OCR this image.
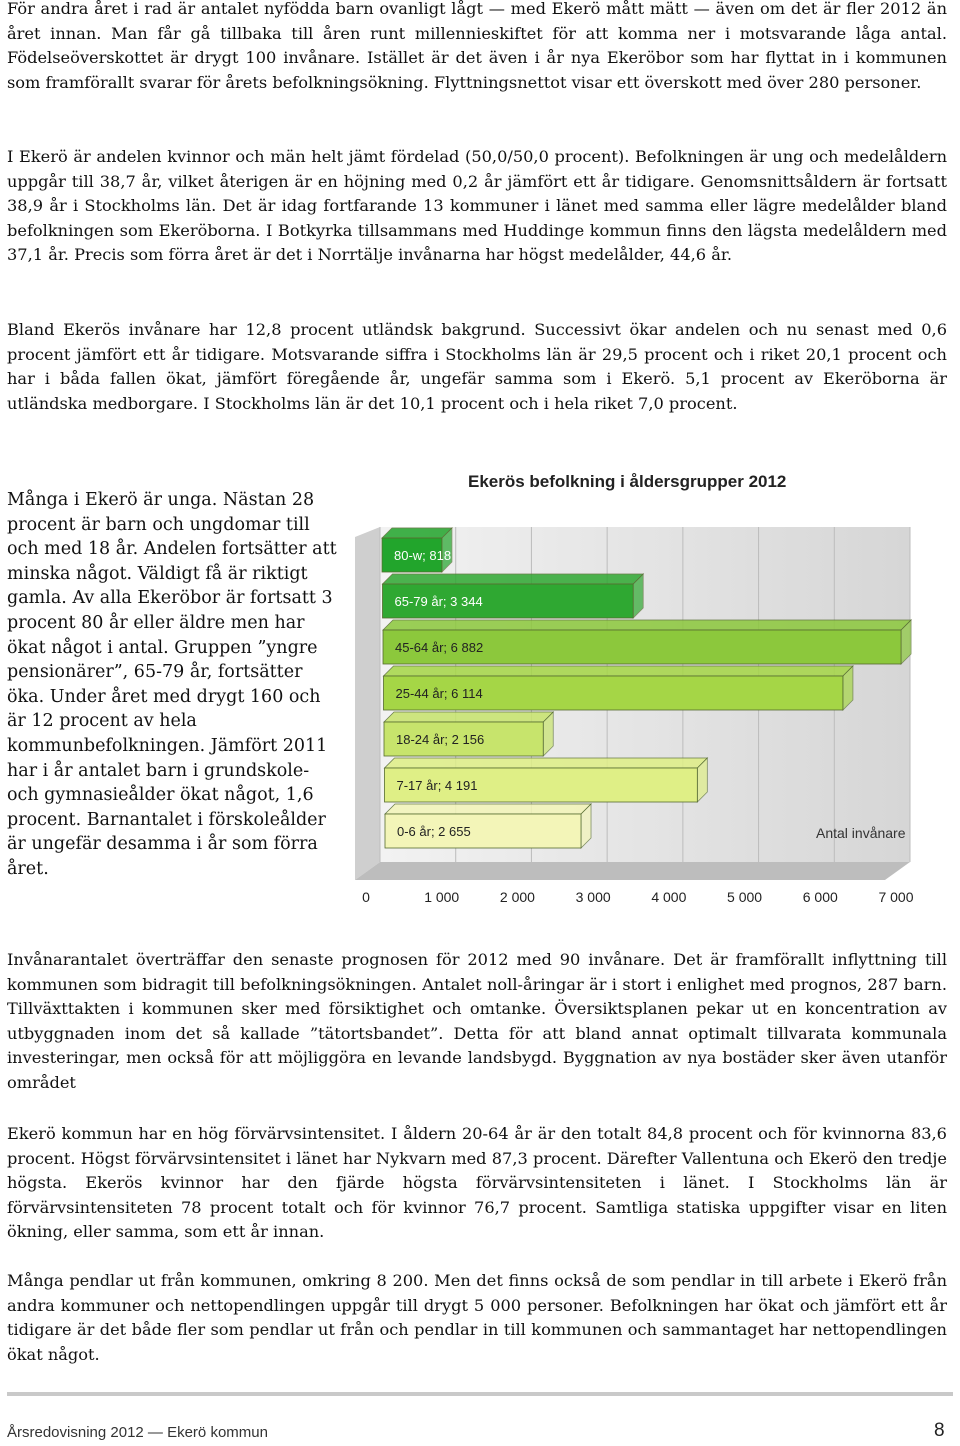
För andra året i rad är antalet nyfödda barn ovanligt lågt — med Ekerö mått mätt — även om det är fler 2012 än året innan. Man får gå tillbaka till åren runt millennieskiftet för att komma ner i motsvarande låga antal. Födelseöverskottet är drygt 100 invånare. Istället är det även i år nya Ekeröbor som har flyttat in i kommunen som framförallt svarar för årets befolkningsökning. Flyttningsnettot visar ett överskott med över 280 personer.

I Ekerö är andelen kvinnor och män helt jämt fördelad (50,0/50,0 procent). Befolkningen är ung och medelåldern uppgår till 38,7 år, vilket återigen är en höjning med 0,2 år jämfört ett år tidigare. Genomsnittsåldern är fortsatt 38,9 år i Stockholms län. Det är idag fortfarande 13 kommuner i länet med samma eller lägre medelålder bland befolkningen som Ekeröborna. I Botkyrka tillsammans med Huddinge kommun finns den lägsta medelåldern med 37,1 år. Precis som förra året är det i Norrtälje invånarna har högst medelålder, 44,6 år.

Bland Ekerös invånare har 12,8 procent utländsk bakgrund. Successivt ökar andelen och nu senast med 0,6 procent jämfört ett år tidigare. Motsvarande siffra i Stockholms län är 29,5 procent och i riket 20,1 procent och har i båda fallen ökat, jämfört föregående år, ungefär samma som i Ekerö. 5,1 procent av Ekeröborna är utländska medborgare. I Stockholms län är det 10,1 procent och i hela riket 7,0 procent.

Många i Ekerö är unga. Nästan 28 procent är barn och ungdomar till och med 18 år. Andelen fortsätter att minska något. Väldigt få är riktigt gamla. Av alla Ekeröbor är fortsatt 3 procent 80 år eller äldre men har ökat något i antal. Gruppen ”yngre pensionärer”, 65-79 år, fortsätter öka. Under året med drygt 160 och är 12 procent av hela kommunbefolkningen. Jämfört 2011 har i år antalet barn i grundskole- och gymnasieålder ökat något, 1,6 procent. Barnantalet i förskoleålder är ungefär desamma i år som förra året.

Ekerös befolkning i åldersgrupper 2012
80-w; 818
65-79 år; 3 344
45-64 år; 6 882
25-44 år; 6 114
18-24 år; 2 156
7-17 år; 4 191
0-6 år; 2 655
0	1 000	2 000	3 000	4 000	5 000	6 000	7 000
Antal invånare

Invånarantalet överträffar den senaste prognosen för 2012 med 90 invånare. Det är framförallt inflyttning till kommunen som bidragit till befolkningsökningen. Antalet noll-åringar är i stort i enlighet med prognos, 287 barn. Tillväxttakten i kommunen sker med försiktighet och omtanke. Översiktsplanen pekar ut en koncentration av utbyggnaden inom det så kallade ”tätortsbandet”. Detta för att bland annat optimalt tillvarata kommunala investeringar, men också för att möjliggöra en levande landsbygd. Byggnation av nya bostäder sker även utanför området

Ekerö kommun har en hög förvärvsintensitet. I åldern 20-64 år är den totalt 84,8 procent och för kvinnorna 83,6 procent. Högst förvärvsintensitet i länet har Nykvarn med 87,3 procent. Därefter Vallentuna och Ekerö den tredje högsta. Ekerös kvinnor har den fjärde högsta förvärvsintensiteten i länet. I Stockholms län är förvärvsintensiteten 78 procent totalt och för kvinnor 76,7 procent. Samtliga statiska uppgifter visar en liten ökning, eller samma, som ett år innan.

Många pendlar ut från kommunen, omkring 8 200. Men det finns också de som pendlar in till arbete i Ekerö från andra kommuner och nettopendlingen uppgår till drygt 5 000 personer. Befolkningen har ökat och jämfört ett år tidigare är det både fler som pendlar ut från och pendlar in till kommunen och sammantaget har nettopendlingen ökat något.

Årsredovisning 2012 — Ekerö kommun	8
